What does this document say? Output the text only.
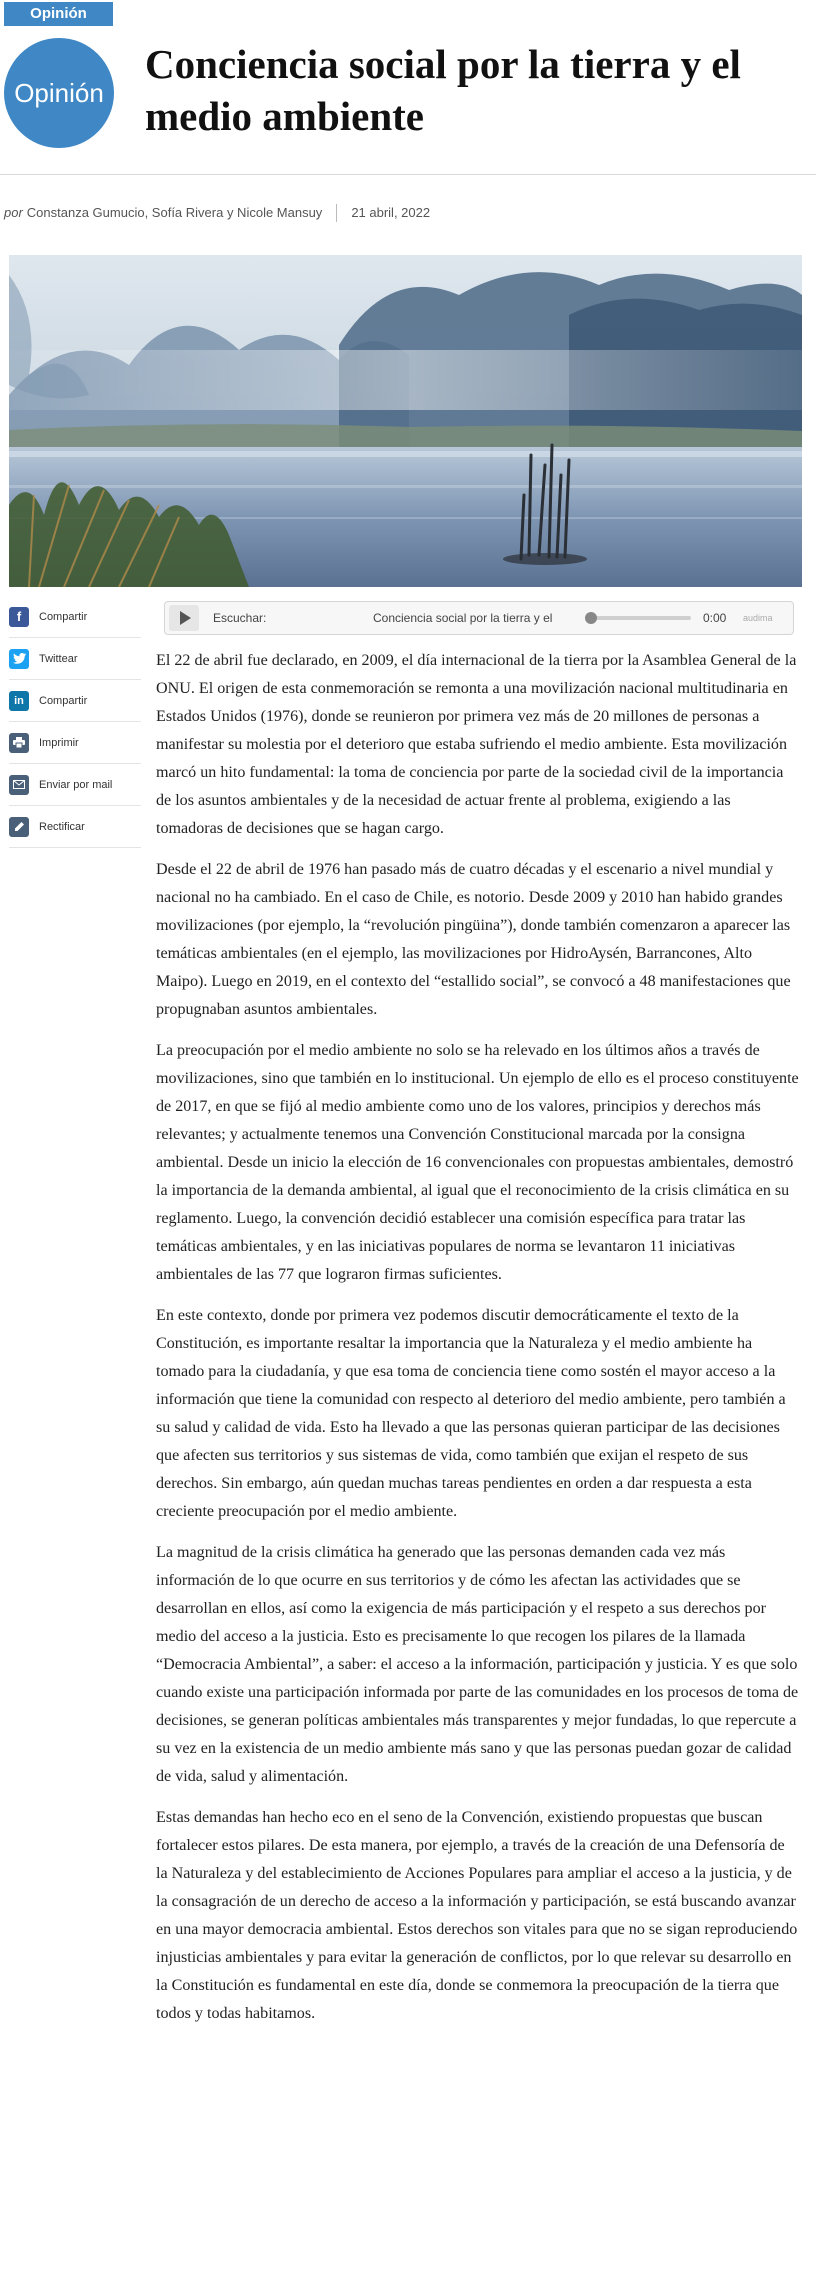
Opinión
Opinión
Conciencia social por la tierra y el medio ambiente
por Constanza Gumucio, Sofía Rivera y Nicole Mansuy 21 abril, 2022
f	Compartir
Twittear
in	Compartir
Imprimir
Enviar por mail
Rectificar
Escuchar:	Conciencia social por la tierra y el	0:00	audima

El 22 de abril fue declarado, en 2009, el día internacional de la tierra por la Asamblea General de la ONU. El origen de esta conmemoración se remonta a una movilización nacional multitudinaria en Estados Unidos (1976), donde se reunieron por primera vez más de 20 millones de personas a manifestar su molestia por el deterioro que estaba sufriendo el medio ambiente. Esta movilización marcó un hito fundamental: la toma de conciencia por parte de la sociedad civil de la importancia de los asuntos ambientales y de la necesidad de actuar frente al problema, exigiendo a las tomadoras de decisiones que se hagan cargo.

Desde el 22 de abril de 1976 han pasado más de cuatro décadas y el escenario a nivel mundial y nacional no ha cambiado. En el caso de Chile, es notorio. Desde 2009 y 2010 han habido grandes movilizaciones (por ejemplo, la “revolución pingüina”), donde también comenzaron a aparecer las temáticas ambientales (en el ejemplo, las movilizaciones por HidroAysén, Barrancones, Alto Maipo). Luego en 2019, en el contexto del “estallido social”, se convocó a 48 manifestaciones que propugnaban asuntos ambientales.

La preocupación por el medio ambiente no solo se ha relevado en los últimos años a través de movilizaciones, sino que también en lo institucional. Un ejemplo de ello es el proceso constituyente de 2017, en que se fijó al medio ambiente como uno de los valores, principios y derechos más relevantes; y actualmente tenemos una Convención Constitucional marcada por la consigna ambiental. Desde un inicio la elección de 16 convencionales con propuestas ambientales, demostró la importancia de la demanda ambiental, al igual que el reconocimiento de la crisis climática en su reglamento. Luego, la convención decidió establecer una comisión específica para tratar las temáticas ambientales, y en las iniciativas populares de norma se levantaron 11 iniciativas ambientales de las 77 que lograron firmas suficientes.

En este contexto, donde por primera vez podemos discutir democráticamente el texto de la Constitución, es importante resaltar la importancia que la Naturaleza y el medio ambiente ha tomado para la ciudadanía, y que esa toma de conciencia tiene como sostén el mayor acceso a la información que tiene la comunidad con respecto al deterioro del medio ambiente, pero también a su salud y calidad de vida. Esto ha llevado a que las personas quieran participar de las decisiones que afecten sus territorios y sus sistemas de vida, como también que exijan el respeto de sus derechos. Sin embargo, aún quedan muchas tareas pendientes en orden a dar respuesta a esta creciente preocupación por el medio ambiente.

La magnitud de la crisis climática ha generado que las personas demanden cada vez más información de lo que ocurre en sus territorios y de cómo les afectan las actividades que se desarrollan en ellos, así como la exigencia de más participación y el respeto a sus derechos por medio del acceso a la justicia. Esto es precisamente lo que recogen los pilares de la llamada “Democracia Ambiental”, a saber: el acceso a la información, participación y justicia. Y es que solo cuando existe una participación informada por parte de las comunidades en los procesos de toma de decisiones, se generan políticas ambientales más transparentes y mejor fundadas, lo que repercute a su vez en la existencia de un medio ambiente más sano y que las personas puedan gozar de calidad de vida, salud y alimentación.

Estas demandas han hecho eco en el seno de la Convención, existiendo propuestas que buscan fortalecer estos pilares. De esta manera, por ejemplo, a través de la creación de una Defensoría de la Naturaleza y del establecimiento de Acciones Populares para ampliar el acceso a la justicia, y de la consagración de un derecho de acceso a la información y participación, se está buscando avanzar en una mayor democracia ambiental. Estos derechos son vitales para que no se sigan reproduciendo injusticias ambientales y para evitar la generación de conflictos, por lo que relevar su desarrollo en la Constitución es fundamental en este día, donde se conmemora la preocupación de la tierra que todos y todas habitamos.
